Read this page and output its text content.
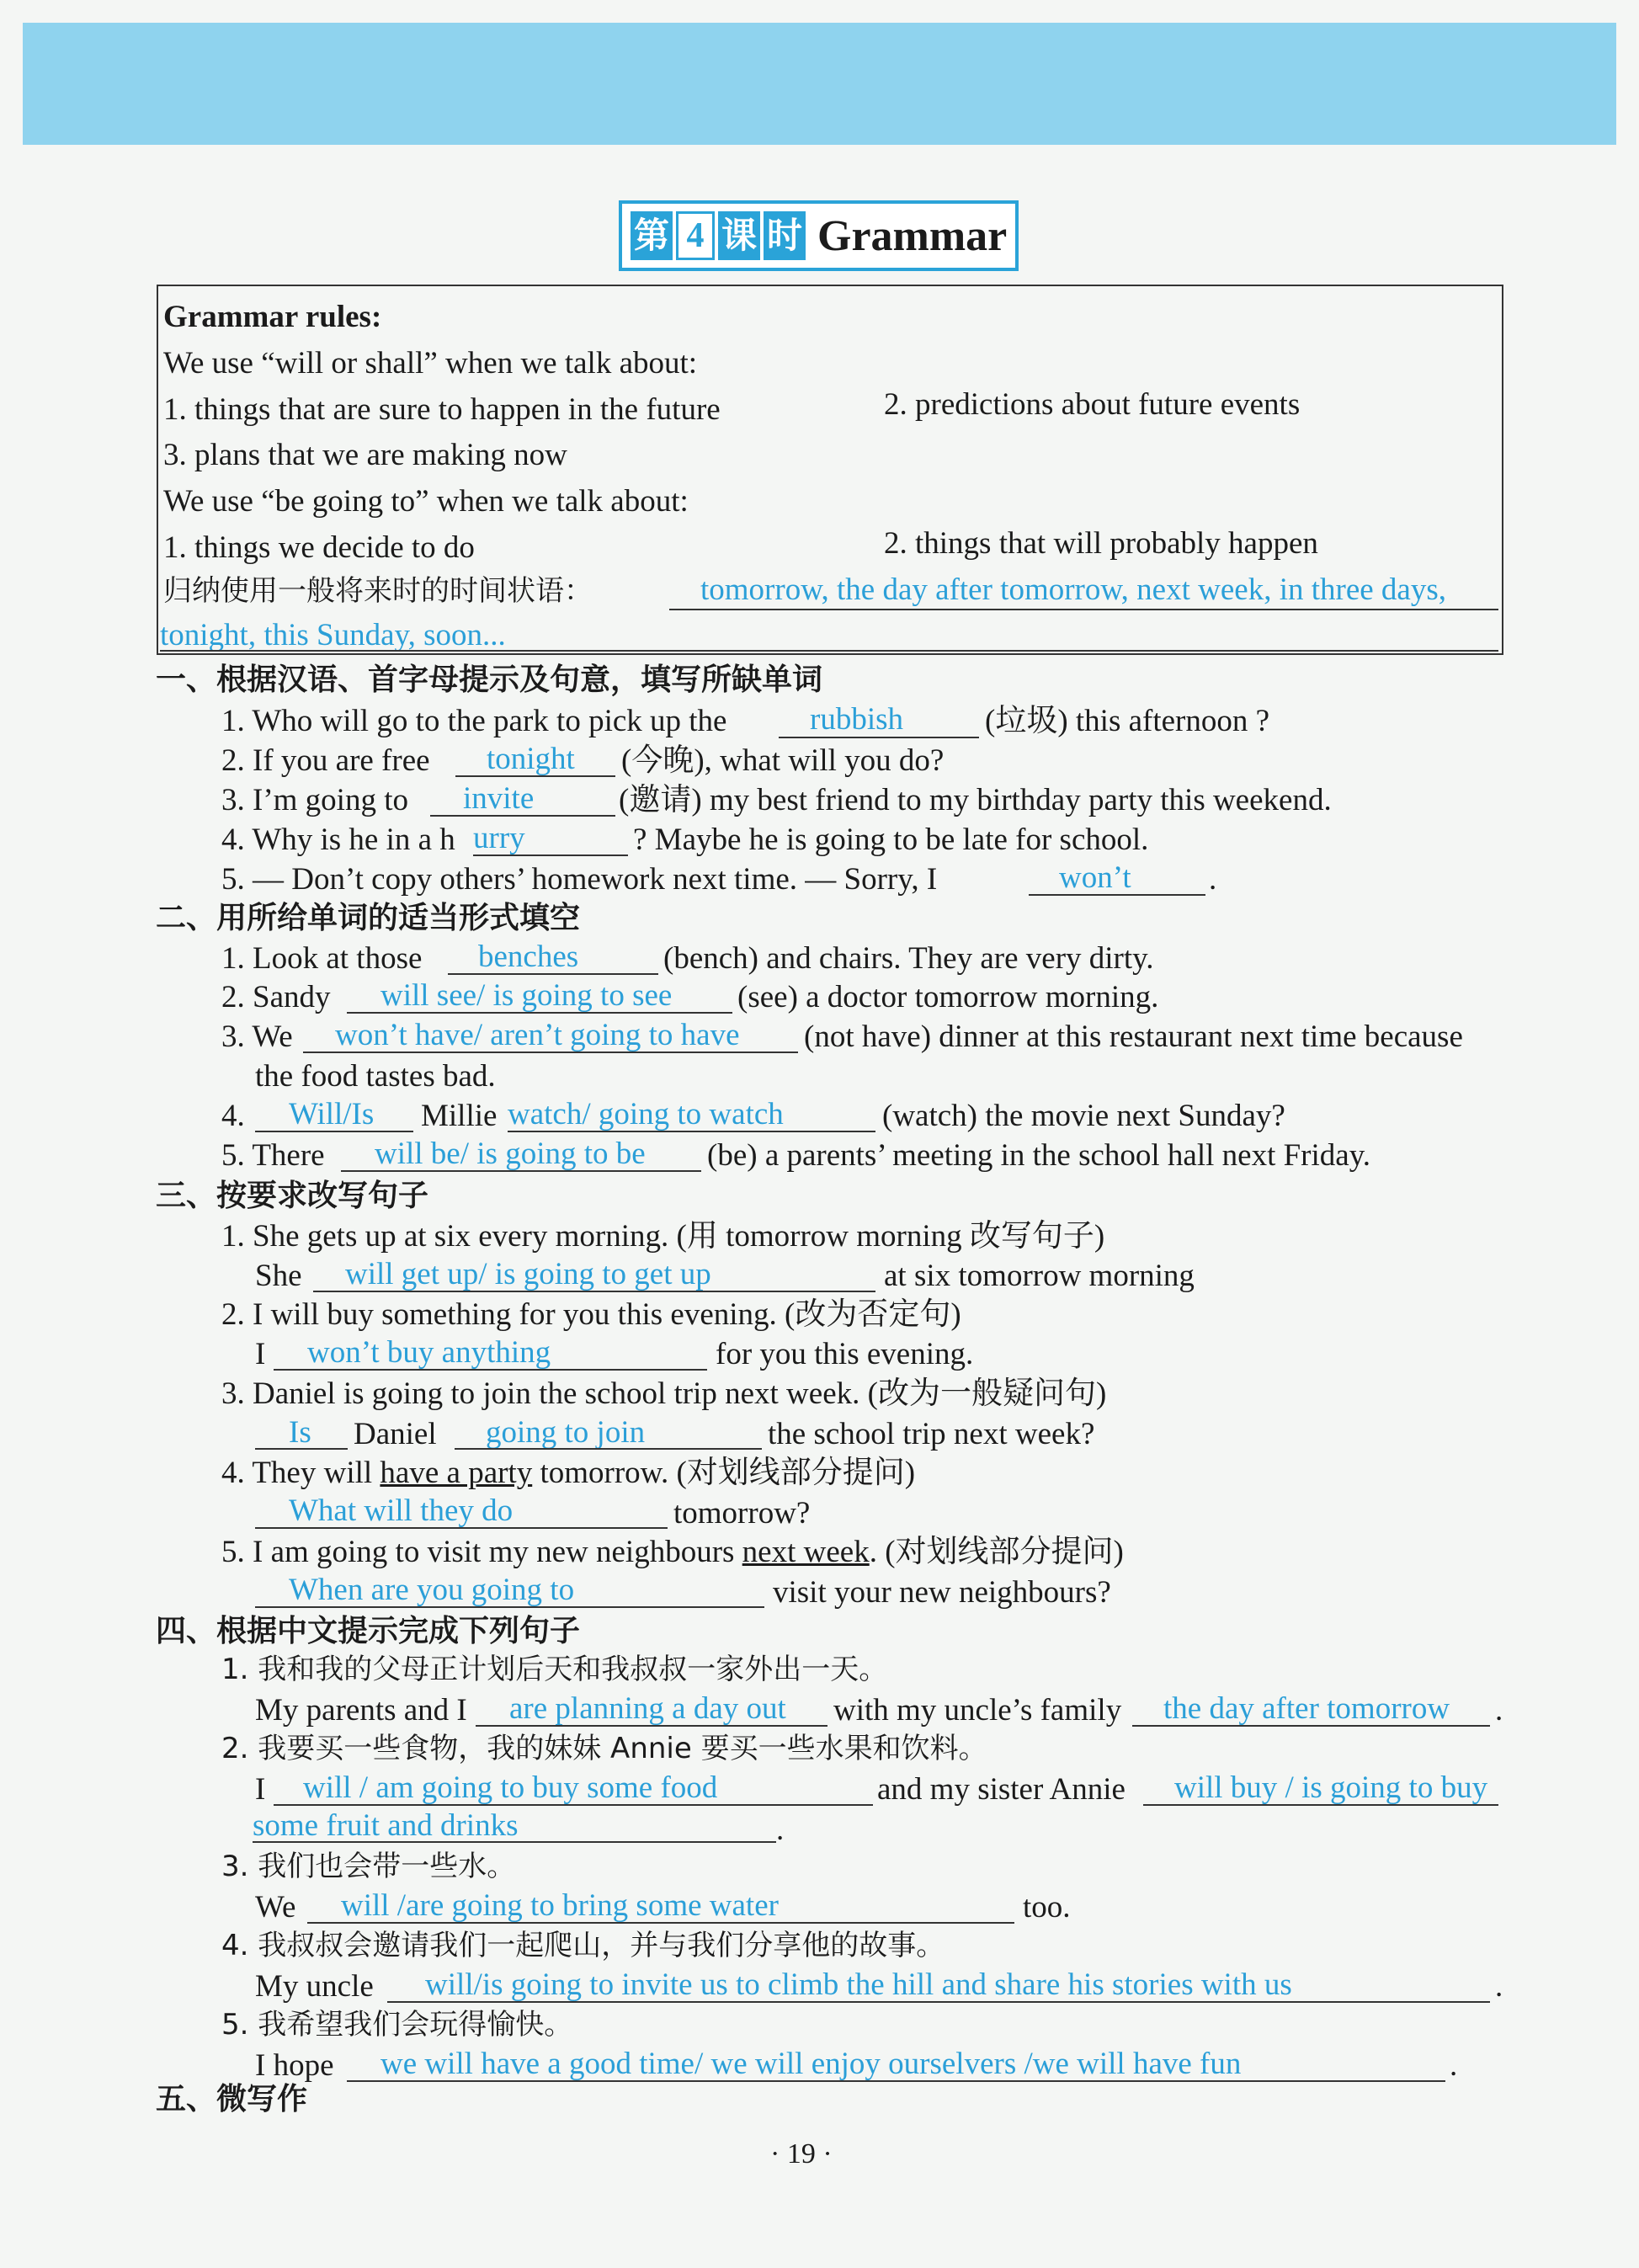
第 4 课 时 Grammar
Grammar rules:
We use “will or shall” when we talk about:
1. things that are sure to happen in the future	2. predictions about future events
3. plans that we are making now
We use “be going to” when we talk about:
1. things we decide to do	2. things that will probably happen
归纳使用一般将来时的时间状语：	tomorrow, the day after tomorrow, next week, in three days,
tonight, this Sunday, soon...
一、根据汉语、首字母提示及句意，填写所缺单词
1. Who will go to the park to pick up the	rubbish	(垃圾) this afternoon ?
2. If you are free tonight (今晚), what will you do?
3. I’m going to invite	(邀请) my best friend to my birthday party this weekend.
4. Why is he in a h urry	? Maybe he is going to be late for school.
5. — Don’t copy others’ homework next time. — Sorry, I	won’t .
二、用所给单词的适当形式填空
1. Look at those benches	(bench) and chairs. They are very dirty.
2. Sandy will see/ is going to see (see) a doctor tomorrow morning.
3. We won’t have/ aren’t going to have (not have) dinner at this restaurant next time because
the food tastes bad.
4. Will/Is Millie watch/ going to watch	(watch) the movie next Sunday?
5. There will be/ is going to be (be) a parents’ meeting in the school hall next Friday.
三、按要求改写句子
1. She gets up at six every morning. (用 tomorrow morning 改写句子)
She will get up/ is going to get up	at six tomorrow morning
2. I will buy something for you this evening. (改为否定句)
I won’t buy anything	for you this evening.
3. Daniel is going to join the school trip next week. (改为一般疑问句)
Is Daniel going to join	the school trip next week?
4. They will have a party tomorrow. (对划线部分提问)
What will they do	tomorrow?
5. I am going to visit my new neighbours next week. (对划线部分提问)
When are you going to	visit your new neighbours?
四、根据中文提示完成下列句子
1. 我和我的父母正计划后天和我叔叔一家外出一天。
My parents and I are planning a day out with my uncle’s family the day after tomorrow .
2. 我要买一些食物，我的妹妹 Annie 要买一些水果和饮料。
I will / am going to buy some food	and my sister Annie will buy / is going to buy
some fruit and drinks	.
3. 我们也会带一些水。
We will /are going to bring some water	too.
4. 我叔叔会邀请我们一起爬山，并与我们分享他的故事。
My uncle will/is going to invite us to climb the hill and share his stories with us	.
5. 我希望我们会玩得愉快。
I hope we will have a good time/ we will enjoy ourselvers /we will have fun	.
五、微写作
· 19 ·
